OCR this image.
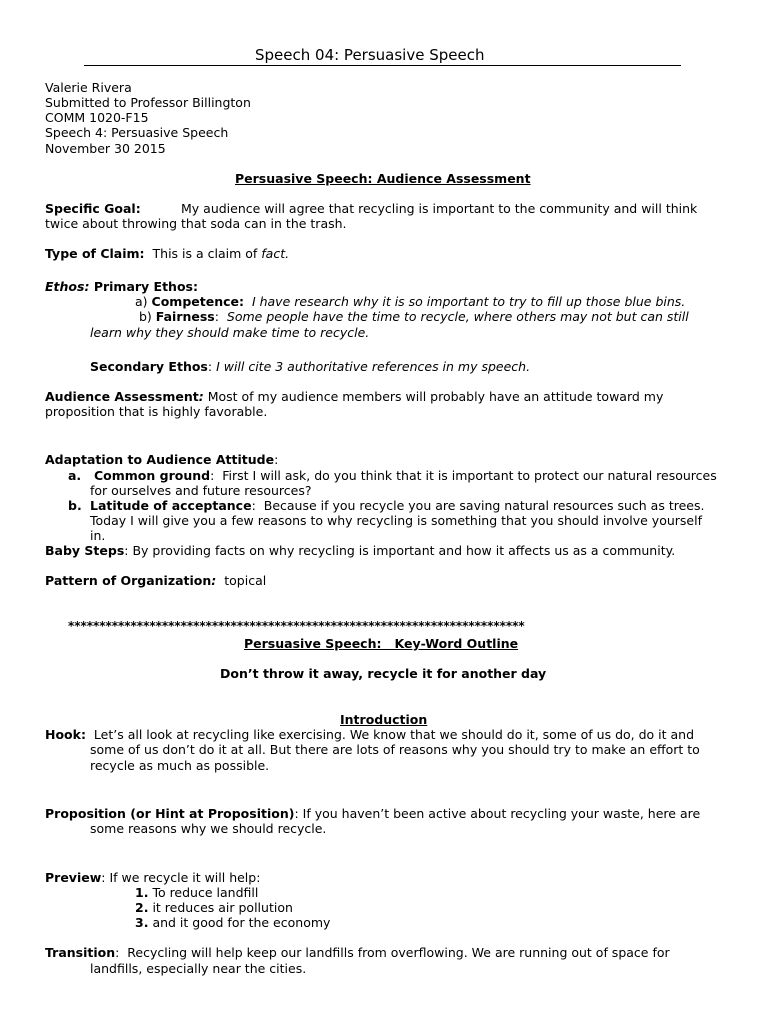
Speech 04: Persuasive Speech
Valerie Rivera
Submitted to Professor Billington
COMM 1020-F15
Speech 4: Persuasive Speech
November 30 2015
Persuasive Speech: Audience Assessment
Specific Goal:	My audience will agree that recycling is important to the community and will think
twice about throwing that soda can in the trash.
Type of Claim: This is a claim of fact.
Ethos: Primary Ethos:
a) Competence: I have research why it is so important to try to fill up those blue bins.
b) Fairness:  Some people have the time to recycle, where others may not but can still
learn why they should make time to recycle.
Secondary Ethos: I will cite 3 authoritative references in my speech.
Audience Assessment: Most of my audience members will probably have an attitude toward my
proposition that is highly favorable.
Adaptation to Audience Attitude:
a. Common ground:  First I will ask, do you think that it is important to protect our natural resources
for ourselves and future resources?
b. Latitude of acceptance:  Because if you recycle you are saving natural resources such as trees.
Today I will give you a few reasons to why recycling is something that you should involve yourself
in.
Baby Steps: By providing facts on why recycling is important and how it affects us as a community.
Pattern of Organization: topical
*************************************************************************
Persuasive Speech:   Key-Word Outline
Don’t throw it away, recycle it for another day
Introduction
Hook: Let’s all look at recycling like exercising. We know that we should do it, some of us do, do it and
some of us don’t do it at all. But there are lots of reasons why you should try to make an effort to
recycle as much as possible.
Proposition (or Hint at Proposition): If you haven’t been active about recycling your waste, here are
some reasons why we should recycle.
Preview: If we recycle it will help:
1. To reduce landfill
2. it reduces air pollution
3. and it good for the economy
Transition:  Recycling will help keep our landfills from overflowing. We are running out of space for
landfills, especially near the cities.
